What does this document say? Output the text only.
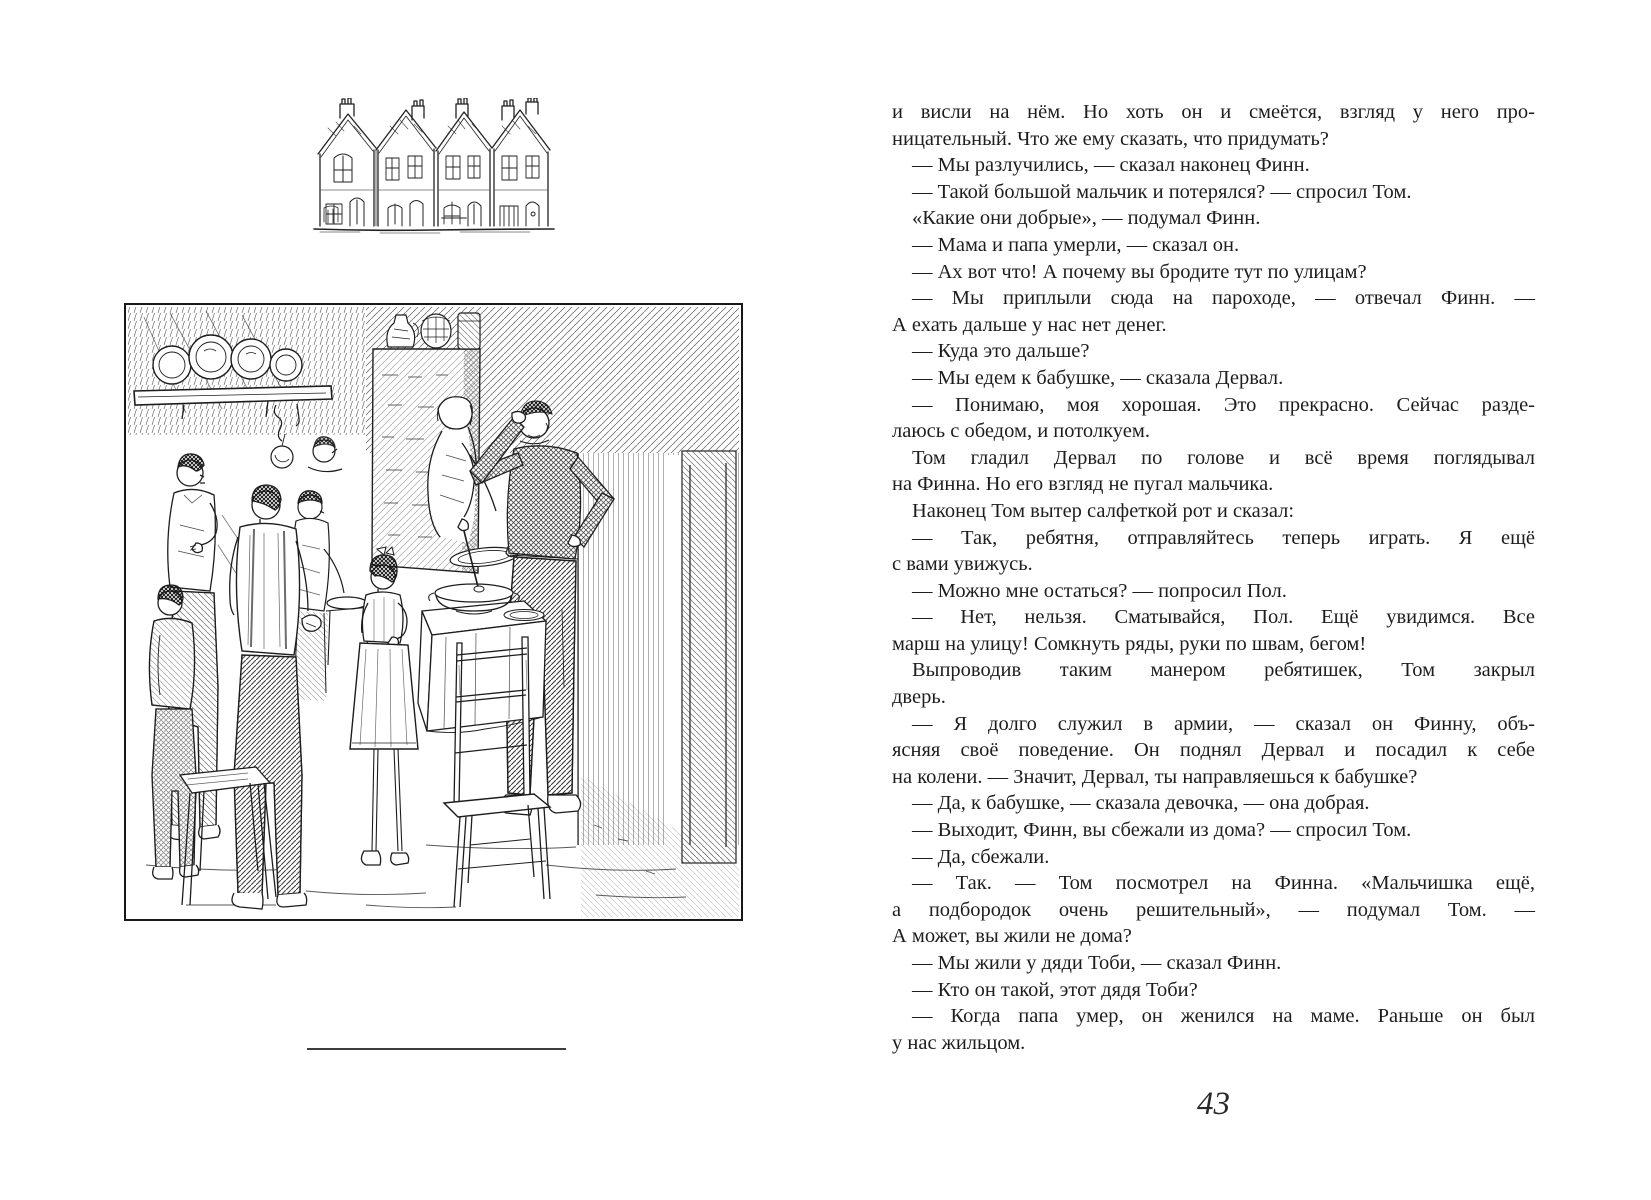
и висли на нём. Но хоть он и смеётся, взгляд у него про-
ницательный. Что же ему сказать, что придумать?
— Мы разлучились, — сказал наконец Финн.
— Такой большой мальчик и потерялся? — спросил Том.
«Какие они добрые», — подумал Финн.
— Мама и папа умерли, — сказал он.
— Ах вот что! А почему вы бродите тут по улицам?
— Мы приплыли сюда на пароходе, — отвечал Финн. —
А ехать дальше у нас нет денег.
— Куда это дальше?
— Мы едем к бабушке, — сказала Дервал.
— Понимаю, моя хорошая. Это прекрасно. Сейчас разде-
лаюсь с обедом, и потолкуем.
Том гладил Дервал по голове и всё время поглядывал
на Финна. Но его взгляд не пугал мальчика.
Наконец Том вытер салфеткой рот и сказал:
— Так, ребятня, отправляйтесь теперь играть. Я ещё
с вами увижусь.
— Можно мне остаться? — попросил Пол.
— Нет, нельзя. Сматывайся, Пол. Ещё увидимся. Все
марш на улицу! Сомкнуть ряды, руки по швам, бегом!
Выпроводив таким манером ребятишек, Том закрыл
дверь.
— Я долго служил в армии, — сказал он Финну, объ-
ясняя своё поведение. Он поднял Дервал и посадил к себе
на колени. — Значит, Дервал, ты направляешься к бабушке?
— Да, к бабушке, — сказала девочка, — она добрая.
— Выходит, Финн, вы сбежали из дома? — спросил Том.
— Да, сбежали.
— Так. — Том посмотрел на Финна. «Мальчишка ещё,
а подбородок очень решительный», — подумал Том. —
А может, вы жили не дома?
— Мы жили у дяди Тоби, — сказал Финн.
— Кто он такой, этот дядя Тоби?
— Когда папа умер, он женился на маме. Раньше он был
у нас жильцом.
43
